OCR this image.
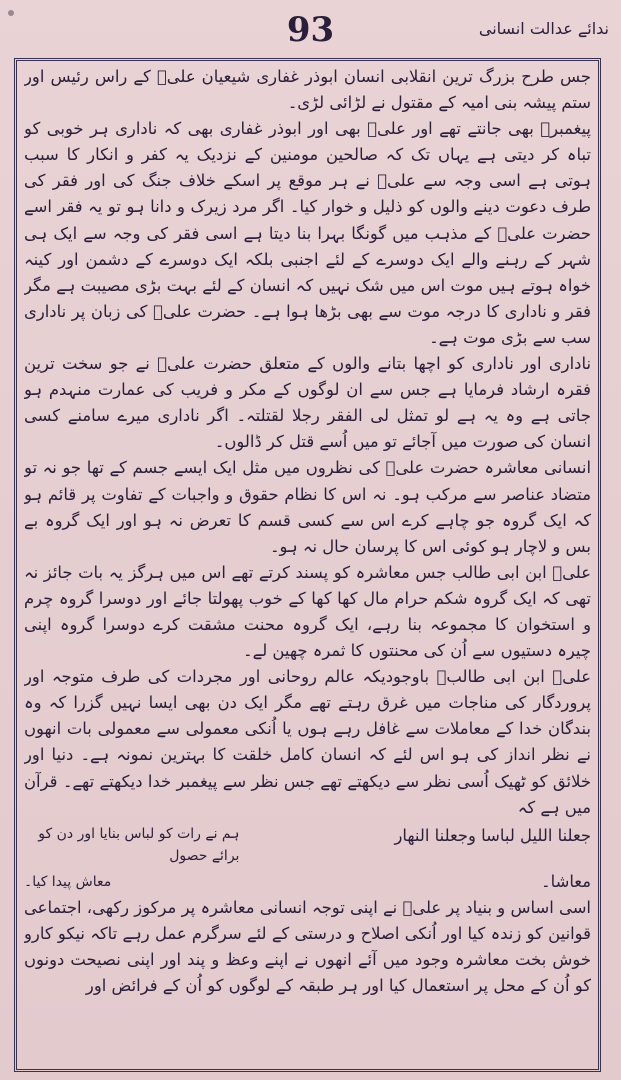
93	ندائے عدالت انسانی

جس طرح بزرگ ترین انقلابی انسان ابوذر غفاری شیعیان علیؑ کے راس رئیس اور ستم پیشہ بنی امیہ کے مقتول نے لڑائی لڑی۔

پیغمبرؐ بھی جانتے تھے اور علیؑ بھی اور ابوذر غفاری بھی کہ ناداری ہر خوبی کو تباہ کر دیتی ہے یہاں تک کہ صالحین مومنین کے نزدیک یہ کفر و انکار کا سبب ہوتی ہے اسی وجہ سے علیؑ نے ہر موقع پر اسکے خلاف جنگ کی اور فقر کی طرف دعوت دینے والوں کو ذلیل و خوار کیا۔ اگر مرد زیرک و دانا ہو تو یہ فقر اسے حضرت علیؑ کے مذہب میں گونگا بہرا بنا دیتا ہے اسی فقر کی وجہ سے ایک ہی شہر کے رہنے والے ایک دوسرے کے لئے اجنبی بلکہ ایک دوسرے کے دشمن اور کینہ خواہ ہوتے ہیں موت اس میں شک نہیں کہ انسان کے لئے بہت بڑی مصیبت ہے مگر فقر و ناداری کا درجہ موت سے بھی بڑھا ہوا ہے۔ حضرت علیؑ کی زبان پر ناداری سب سے بڑی موت ہے۔

ناداری اور ناداری کو اچھا بتانے والوں کے متعلق حضرت علیؑ نے جو سخت ترین فقرہ ارشاد فرمایا ہے جس سے ان لوگوں کے مکر و فریب کی عمارت منہدم ہو جاتی ہے وہ یہ ہے لو تمثل لی الفقر رجلا لقتلتہ۔ اگر ناداری میرے سامنے کسی انسان کی صورت میں آجائے تو میں اُسے قتل کر ڈالوں۔

انسانی معاشرہ حضرت علیؑ کی نظروں میں مثل ایک ایسے جسم کے تھا جو نہ تو متضاد عناصر سے مرکب ہو۔ نہ اس کا نظام حقوق و واجبات کے تفاوت پر قائم ہو کہ ایک گروہ جو چاہے کرے اس سے کسی قسم کا تعرض نہ ہو اور ایک گروہ بے بس و لاچار ہو کوئی اس کا پرسان حال نہ ہو۔

علیؑ ابن ابی طالب جس معاشرہ کو پسند کرتے تھے اس میں ہرگز یہ بات جائز نہ تھی کہ ایک گروہ شکم حرام مال کھا کھا کے خوب پھولتا جائے اور دوسرا گروہ چرم و استخوان کا مجموعہ بنا رہے، ایک گروہ محنت مشقت کرے دوسرا گروہ اپنی چیرہ دستیوں سے اُن کی محنتوں کا ثمرہ چھین لے۔

علیؑ ابن ابی طالبؑ باوجودیکہ عالم روحانی اور مجردات کی طرف متوجہ اور پروردگار کی مناجات میں غرق رہتے تھے مگر ایک دن بھی ایسا نہیں گزرا کہ وہ بندگان خدا کے معاملات سے غافل رہے ہوں یا اُنکی معمولی سے معمولی بات انھوں نے نظر انداز کی ہو اس لئے کہ انسان کامل خلقت کا بہترین نمونہ ہے۔ دنیا اور خلائق کو ٹھیک اُسی نظر سے دیکھتے تھے جس نظر سے پیغمبر خدا دیکھتے تھے۔ قرآن میں ہے کہ

جعلنا اللیل لباسا وجعلنا النھار
ہم نے رات کو لباس بنایا اور دن کو برائے حصول
معاشا۔
معاش پیدا کیا۔

اسی اساس و بنیاد پر علیؑ نے اپنی توجہ انسانی معاشرہ پر مرکوز رکھی، اجتماعی قوانین کو زندہ کیا اور اُنکی اصلاح و درستی کے لئے سرگرم عمل رہے تاکہ نیکو کارو خوش بخت معاشرہ وجود میں آئے انھوں نے اپنے وعظ و پند اور اپنی نصیحت دونوں کو اُن کے محل پر استعمال کیا اور ہر طبقہ کے لوگوں کو اُن کے فرائض اور
